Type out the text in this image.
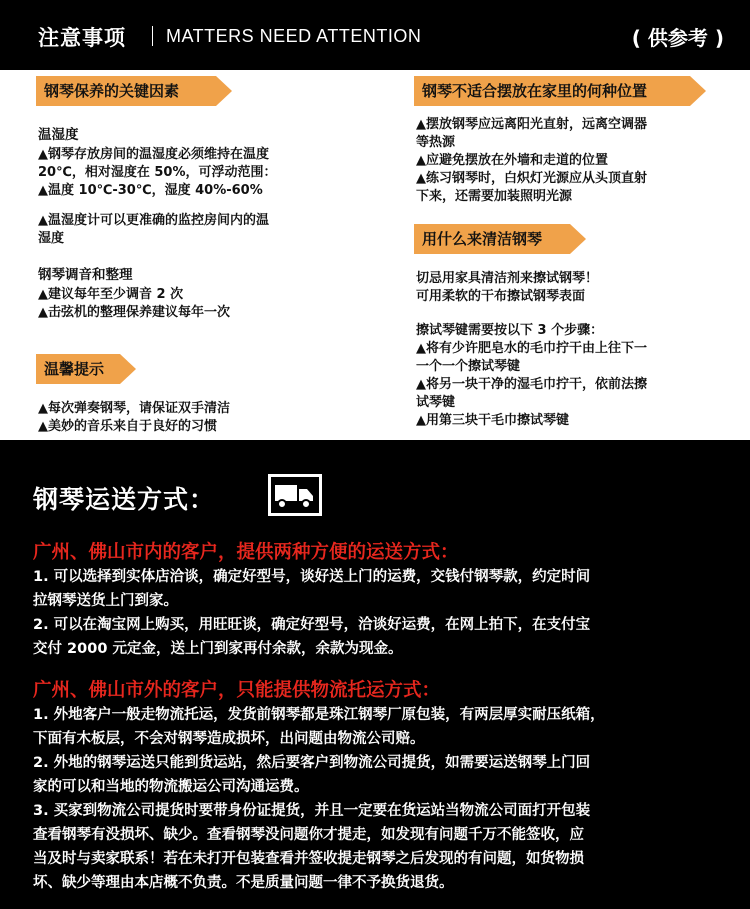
注意事项 MATTERS NEED ATTENTION	( 供参考 )
钢琴保养的关键因素
温湿度

▲钢琴存放房间的温湿度必须维持在温度

20℃，相对湿度在 50%，可浮动范围：

▲温度 10℃-30℃，湿度 40%-60%

▲温湿度计可以更准确的监控房间内的温

湿度

钢琴调音和整理

▲建议每年至少调音 2 次

▲击弦机的整理保养建议每年一次

温馨提示

▲每次弹奏钢琴，请保证双手清洁

▲美妙的音乐来自于良好的习惯

钢琴不适合摆放在家里的何种位置

▲摆放钢琴应远离阳光直射，远离空调器

等热源

▲应避免摆放在外墙和走道的位置

▲练习钢琴时，白炽灯光源应从头顶直射

下来，还需要加装照明光源

用什么来清洁钢琴

切忌用家具清洁剂来擦试钢琴！

可用柔软的干布擦试钢琴表面

擦试琴键需要按以下 3 个步骤：

▲将有少许肥皂水的毛巾拧干由上往下一

一个一个擦试琴键

▲将另一块干净的湿毛巾拧干，依前法擦

试琴键

▲用第三块干毛巾擦试琴键

钢琴运送方式：
广州、佛山市内的客户，提供两种方便的运送方式：

1. 可以选择到实体店洽谈，确定好型号，谈好送上门的运费，交钱付钢琴款，约定时间

拉钢琴送货上门到家。

2. 可以在淘宝网上购买，用旺旺谈，确定好型号，洽谈好运费，在网上拍下，在支付宝

交付 2000 元定金，送上门到家再付余款，余款为现金。

广州、佛山市外的客户，只能提供物流托运方式：

1. 外地客户一般走物流托运，发货前钢琴都是珠江钢琴厂原包装，有两层厚实耐压纸箱，

下面有木板层，不会对钢琴造成损坏，出问题由物流公司赔。

2. 外地的钢琴运送只能到货运站，然后要客户到物流公司提货，如需要运送钢琴上门回

家的可以和当地的物流搬运公司沟通运费。

3. 买家到物流公司提货时要带身份证提货，并且一定要在货运站当物流公司面打开包装

查看钢琴有没损坏、缺少。查看钢琴没问题你才提走，如发现有问题千万不能签收，应

当及时与卖家联系！若在未打开包装查看并签收提走钢琴之后发现的有问题，如货物损

坏、缺少等理由本店概不负责。不是质量问题一律不予换货退货。
